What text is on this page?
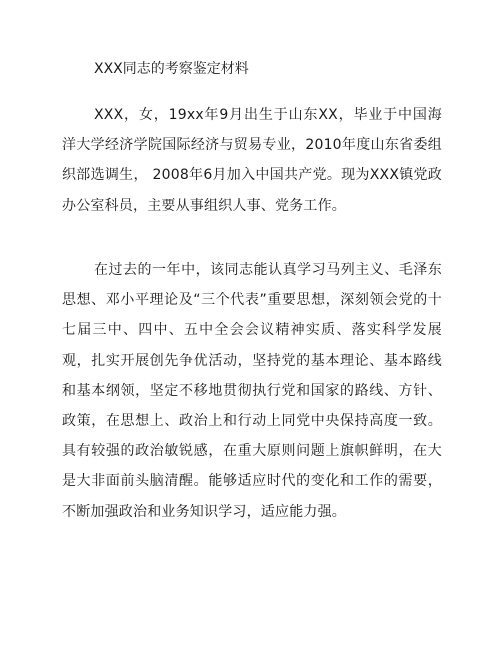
XXX同志的考察鉴定材料

XXX，女，19xx年9月出生于山东XX，毕业于中国海洋大学经济学院国际经济与贸易专业，2010年度山东省委组织部选调生， 2008年6月加入中国共产党。现为XXX镇党政办公室科员，主要从事组织人事、党务工作。

在过去的一年中，该同志能认真学习马列主义、毛泽东思想、邓小平理论及“三个代表”重要思想，深刻领会党的十七届三中、四中、五中全会会议精神实质、落实科学发展观，扎实开展创先争优活动，坚持党的基本理论、基本路线和基本纲领，坚定不移地贯彻执行党和国家的路线、方针、政策，在思想上、政治上和行动上同党中央保持高度一致。具有较强的政治敏锐感，在重大原则问题上旗帜鲜明，在大是大非面前头脑清醒。能够适应时代的变化和工作的需要，不断加强政治和业务知识学习，适应能力强。
